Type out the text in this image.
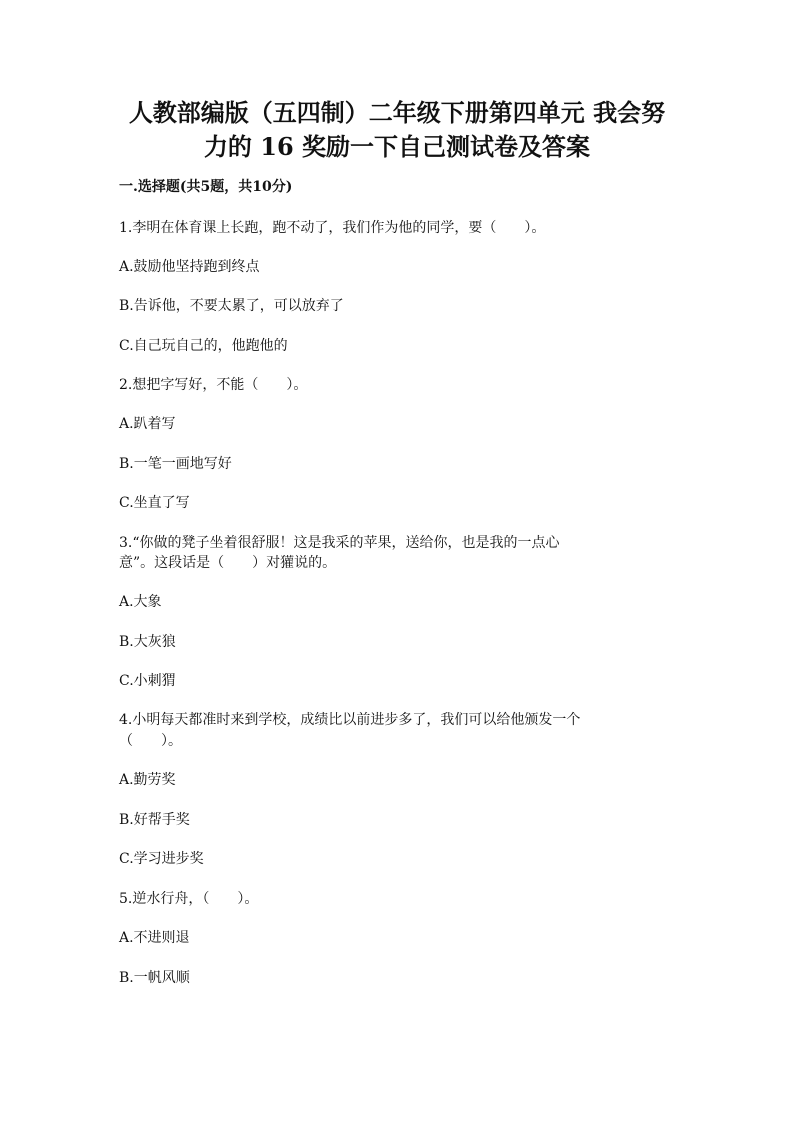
人教部编版（五四制）二年级下册第四单元 我会努
力的 16 奖励一下自己测试卷及答案

一.选择题(共5题，共10分)

1.李明在体育课上长跑，跑不动了，我们作为他的同学，要（　　）。

A.鼓励他坚持跑到终点

B.告诉他，不要太累了，可以放弃了

C.自己玩自己的，他跑他的

2.想把字写好，不能（　　）。

A.趴着写

B.一笔一画地写好

C.坐直了写

3.“你做的凳子坐着很舒服！这是我采的苹果，送给你，也是我的一点心

意”。这段话是（　　）对獾说的。

A.大象

B.大灰狼

C.小刺猬

4.小明每天都准时来到学校，成绩比以前进步多了，我们可以给他颁发一个

（　　）。

A.勤劳奖

B.好帮手奖

C.学习进步奖

5.逆水行舟，（　　）。

A.不进则退

B.一帆风顺
